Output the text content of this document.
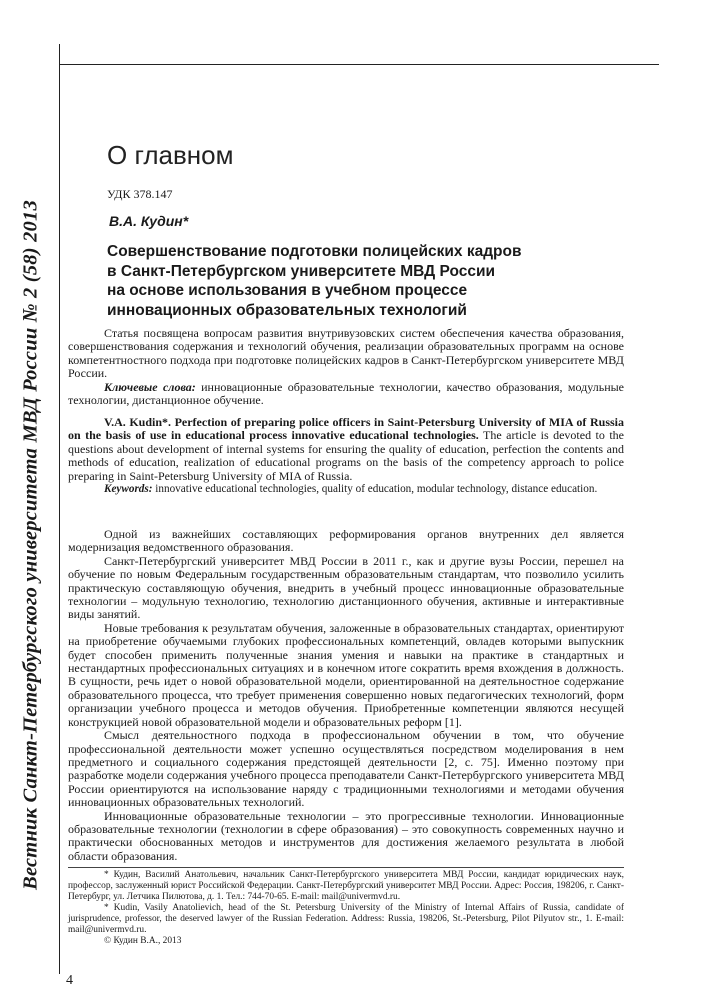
Вестник Санкт-Петербургского университета МВД России № 2 (58) 2013
О главном
УДК 378.147
В.А. Кудин*
Совершенствование подготовки полицейских кадров
в Санкт-Петербургском университете МВД России
на основе использования в учебном процессе
инновационных образовательных технологий

Статья посвящена вопросам развития внутривузовских систем обеспечения качества образования, совершенствования содержания и технологий обучения, реализации образовательных программ на основе компетентностного подхода при подготовке полицейских кадров в Санкт-Петербургском университете МВД России.

Ключевые слова: инновационные образовательные технологии, качество образования, модульные технологии, дистанционное обучение.

V.A. Kudin*. Perfection of preparing police officers in Saint-Petersburg University of MIA of Russia on the basis of use in educational process innovative educational technologies. The article is devoted to the questions about development of internal systems for ensuring the quality of education, perfection the contents and methods of education, realization of educational programs on the basis of the competency approach to police preparing in Saint-Petersburg University of MIA of Russia.

Keywords: innovative educational technologies, quality of education, modular technology, distance education.

Одной из важнейших составляющих реформирования органов внутренних дел является модернизация ведомственного образования.

Санкт-Петербургский университет МВД России в 2011 г., как и другие вузы России, перешел на обучение по новым Федеральным государственным образовательным стандартам, что позволило усилить практическую составляющую обучения, внедрить в учебный процесс инновационные образовательные технологии – модульную технологию, технологию дистанционного обучения, активные и интерактивные виды занятий.

Новые требования к результатам обучения, заложенные в образовательных стандартах, ориентируют на приобретение обучаемыми глубоких профессиональных компетенций, овладев которыми выпускник будет способен применить полученные знания умения и навыки на практике в стандартных и нестандартных профессиональных ситуациях и в конечном итоге сократить время вхождения в должность. В сущности, речь идет о новой образовательной модели, ориентированной на деятельностное содержание образовательного процесса, что требует применения совершенно новых педагогических технологий, форм организации учебного процесса и методов обучения. Приобретенные компетенции являются несущей конструкцией новой образовательной модели и образовательных реформ [1].

Смысл деятельностного подхода в профессиональном обучении в том, что обучение профессиональной деятельности может успешно осуществляться посредством моделирования в нем предметного и социального содержания предстоящей деятельности [2, с. 75]. Именно поэтому при разработке модели содержания учебного процесса преподаватели Санкт-Петербургского университета МВД России ориентируются на использование наряду с традиционными технологиями и методами обучения инновационных образовательных технологий.

Инновационные образовательные технологии – это прогрессивные технологии. Инновационные образовательные технологии (технологии в сфере образования) – это совокупность современных научно и практически обоснованных методов и инструментов для достижения желаемого результата в любой области образования.

* Кудин, Василий Анатольевич, начальник Санкт-Петербургского университета МВД России, кандидат юридических наук, профессор, заслуженный юрист Российской Федерации. Санкт-Петербургский университет МВД России. Адрес: Россия, 198206, г. Санкт-Петербург, ул. Летчика Пилютова, д. 1. Тел.: 744-70-65. E-mail: mail@univermvd.ru.

* Kudin, Vasily Anatolievich, head of the St. Petersburg University of the Ministry of Internal Affairs of Russia, candidate of jurisprudence, professor, the deserved lawyer of the Russian Federation. Address: Russia, 198206, St.-Petersburg, Pilot Pilyutov str., 1. E-mail: mail@univermvd.ru.

© Кудин В.А., 2013

4
